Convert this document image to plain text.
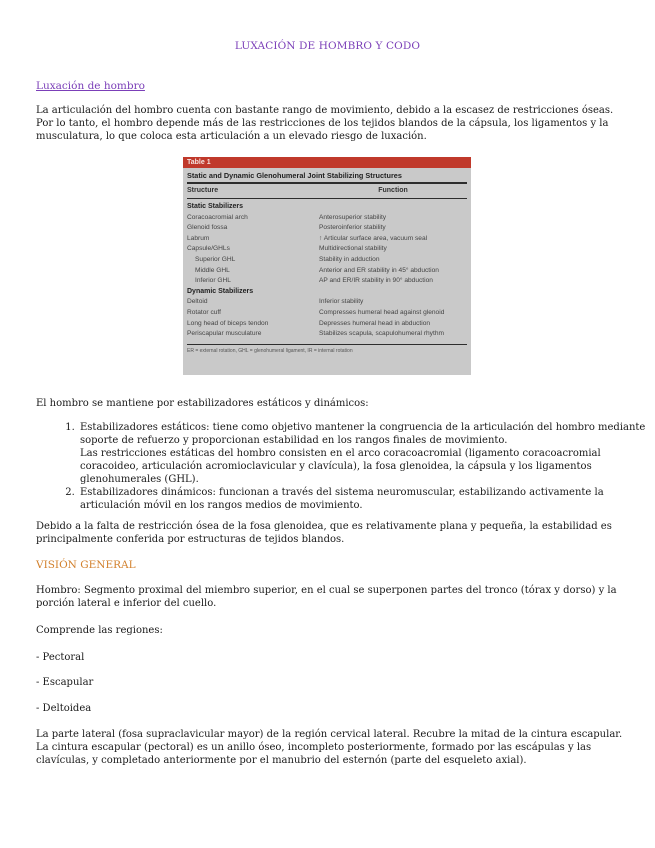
LUXACIÓN DE HOMBRO Y CODO
Luxación de hombro

La articulación del hombro cuenta con bastante rango de movimiento, debido a la escasez de restricciones óseas. Por lo tanto, el hombro depende más de las restricciones de los tejidos blandos de la cápsula, los ligamentos y la musculatura, lo que coloca esta articulación a un elevado riesgo de luxación.

Table 1
Static and Dynamic Glenohumeral Joint Stabilizing Structures
Structure	Function
Static Stabilizers
Coracoacromial arch	Anterosuperior stability
Glenoid fossa	Posteroinferior stability
Labrum	↑ Articular surface area, vacuum seal
Capsule/GHLs	Multidirectional stability
Superior GHL	Stability in adduction
Middle GHL	Anterior and ER stability in 45° abduction
Inferior GHL	AP and ER/IR stability in 90° abduction
Dynamic Stabilizers
Deltoid	Inferior stability
Rotator cuff	Compresses humeral head against glenoid
Long head of biceps tendon	Depresses humeral head in abduction
Periscapular musculature	Stabilizes scapula, scapulohumeral rhythm
ER = external rotation, GHL = glenohumeral ligament, IR = internal rotation

El hombro se mantiene por estabilizadores estáticos y dinámicos:

1. Estabilizadores estáticos: tiene como objetivo mantener la congruencia de la articulación del hombro mediante soporte de refuerzo y proporcionan estabilidad en los rangos finales de movimiento.
Las restricciones estáticas del hombro consisten en el arco coracoacromial (ligamento coracoacromial coracoideo, articulación acromioclavicular y clavícula), la fosa glenoidea, la cápsula y los ligamentos glenohumerales (GHL).
2. Estabilizadores dinámicos: funcionan a través del sistema neuromuscular, estabilizando activamente la articulación móvil en los rangos medios de movimiento.

Debido a la falta de restricción ósea de la fosa glenoidea, que es relativamente plana y pequeña, la estabilidad es principalmente conferida por estructuras de tejidos blandos.

VISIÓN GENERAL

Hombro: Segmento proximal del miembro superior, en el cual se superponen partes del tronco (tórax y dorso) y la porción lateral e inferior del cuello.

Comprende las regiones:

- Pectoral

- Escapular

- Deltoidea

La parte lateral (fosa supraclavicular mayor) de la región cervical lateral. Recubre la mitad de la cintura escapular. La cintura escapular (pectoral) es un anillo óseo, incompleto posteriormente, formado por las escápulas y las clavículas, y completado anteriormente por el manubrio del esternón (parte del esqueleto axial).
